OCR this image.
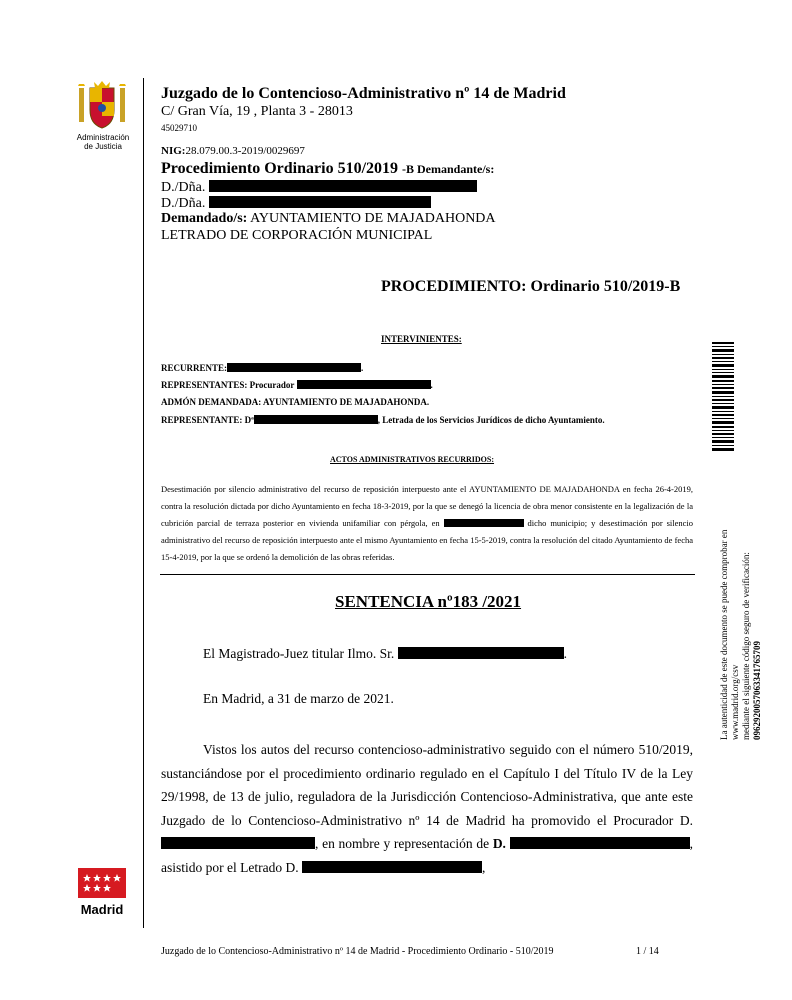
Administración
de Justicia
Juzgado de lo Contencioso-Administrativo nº 14 de Madrid
C/ Gran Vía, 19 , Planta 3 - 28013
45029710
NIG:28.079.00.3-2019/0029697
Procedimiento Ordinario 510/2019 -B Demandante/s:
D./Dña.
D./Dña.
Demandado/s: AYUNTAMIENTO DE MAJADAHONDA
LETRADO DE CORPORACIÓN MUNICIPAL
PROCEDIMIENTO: Ordinario 510/2019-B
INTERVINIENTES:
RECURRENTE:	.
REPRESENTANTES: Procurador	.
ADMÓN DEMANDADA: AYUNTAMIENTO DE MAJADAHONDA.
REPRESENTANTE: Dª	, Letrada de los Servicios Jurídicos de dicho Ayuntamiento.
ACTOS ADMINISTRATIVOS RECURRIDOS:
Desestimación por silencio administrativo del recurso de reposición interpuesto ante el AYUNTAMIENTO DE MAJADAHONDA en fecha 26-4-2019, contra la resolución dictada por dicho Ayuntamiento en fecha 18-3-2019, por la que se denegó la licencia de obra menor consistente en la legalización de la cubrición parcial de terraza posterior en vivienda unifamiliar con pérgola, en	dicho municipio; y desestimación por silencio administrativo del recurso de reposición interpuesto ante el mismo Ayuntamiento en fecha 15-5-2019, contra la resolución del citado Ayuntamiento de fecha 15-4-2019, por la que se ordenó la demolición de las obras referidas.
SENTENCIA nº183 /2021
El Magistrado-Juez titular Ilmo. Sr.	.
En Madrid, a 31 de marzo de 2021.
Vistos los autos del recurso contencioso-administrativo seguido con el número 510/2019, sustanciándose por el procedimiento ordinario regulado en el Capítulo I del Título IV de la Ley 29/1998, de 13 de julio, reguladora de la Jurisdicción Contencioso-Administrativa, que ante este Juzgado de lo Contencioso-Administrativo nº 14 de Madrid ha promovido el Procurador D. , en nombre y representación de D.	, asistido por el Letrado D.	,
La autenticidad de este documento se puede comprobar en www.madrid.org/csv mediante el siguiente código seguro de verificación: 0962920057063341765709
Madrid
Juzgado de lo Contencioso-Administrativo nº 14 de Madrid - Procedimiento Ordinario - 510/2019	1 / 14
